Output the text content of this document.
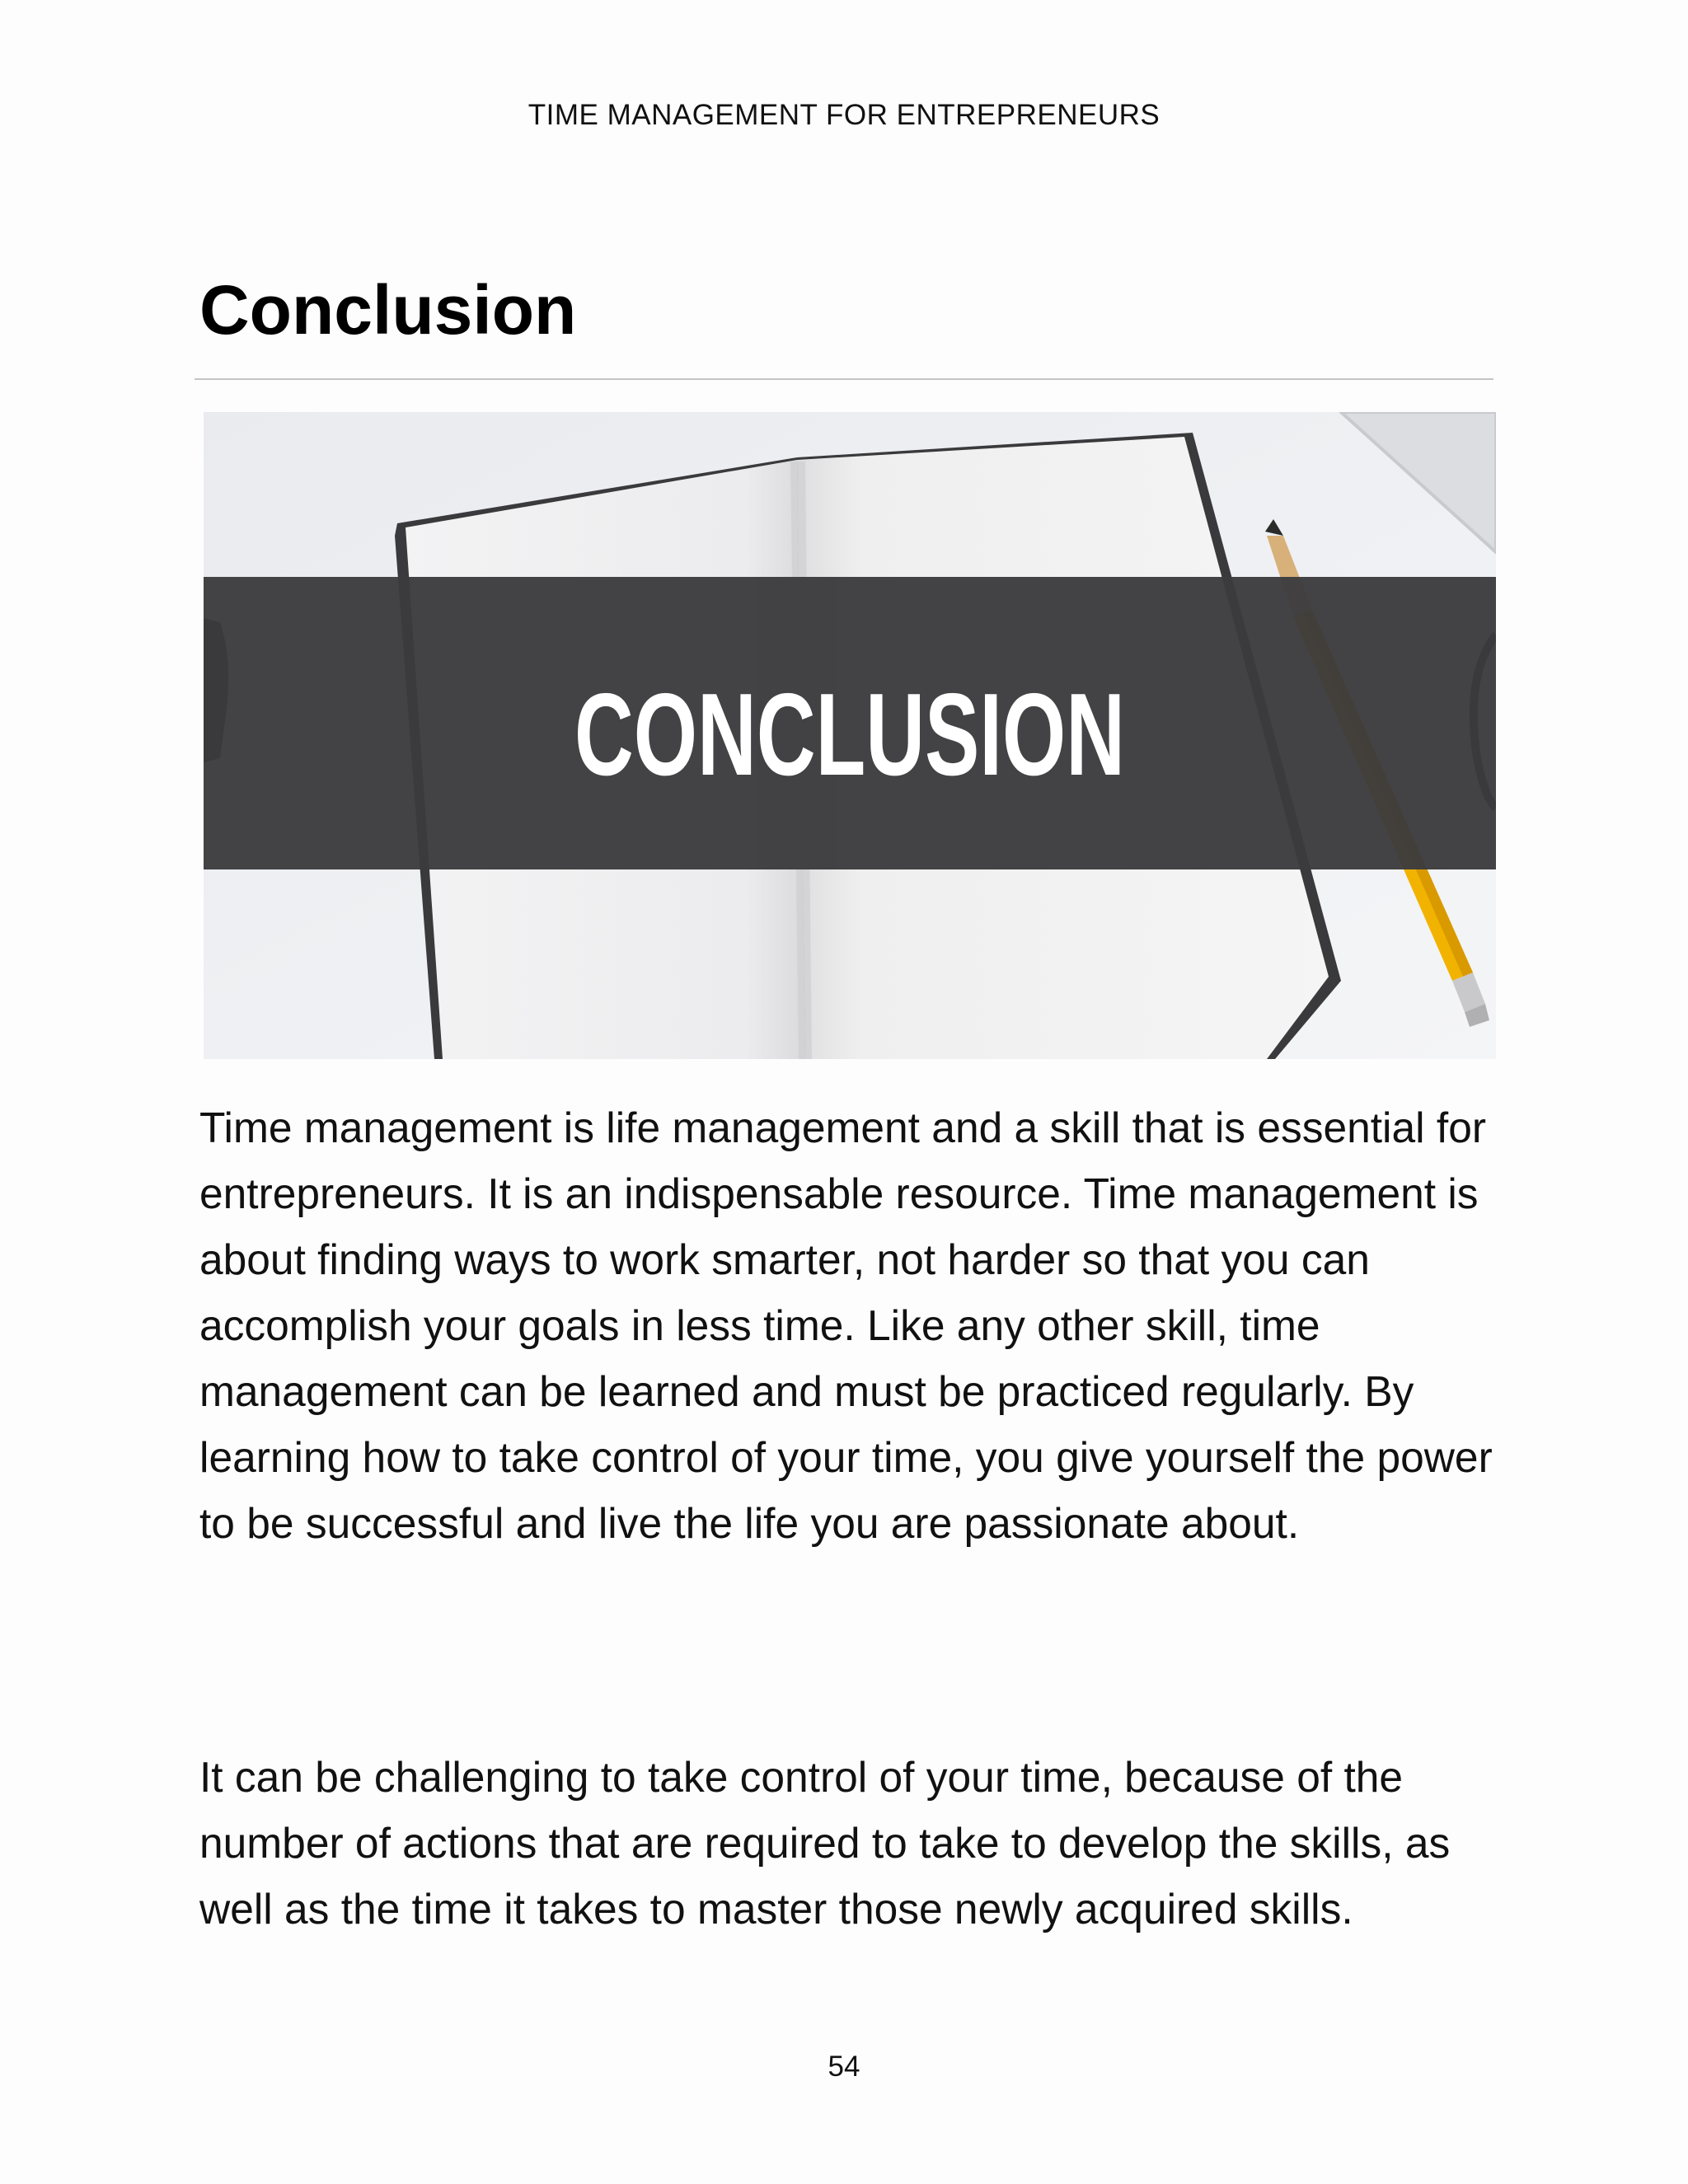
TIME MANAGEMENT FOR ENTREPRENEURS
Conclusion
CONCLUSION

Time management is life management and a skill that is essential for entrepreneurs. It is an indispensable resource. Time management is about finding ways to work smarter, not harder so that you can accomplish your goals in less time. Like any other skill, time management can be learned and must be practiced regularly. By learning how to take control of your time, you give yourself the power to be successful and live the life you are passionate about.

It can be challenging to take control of your time, because of the number of actions that are required to take to develop the skills, as well as the time it takes to master those newly acquired skills.

54
